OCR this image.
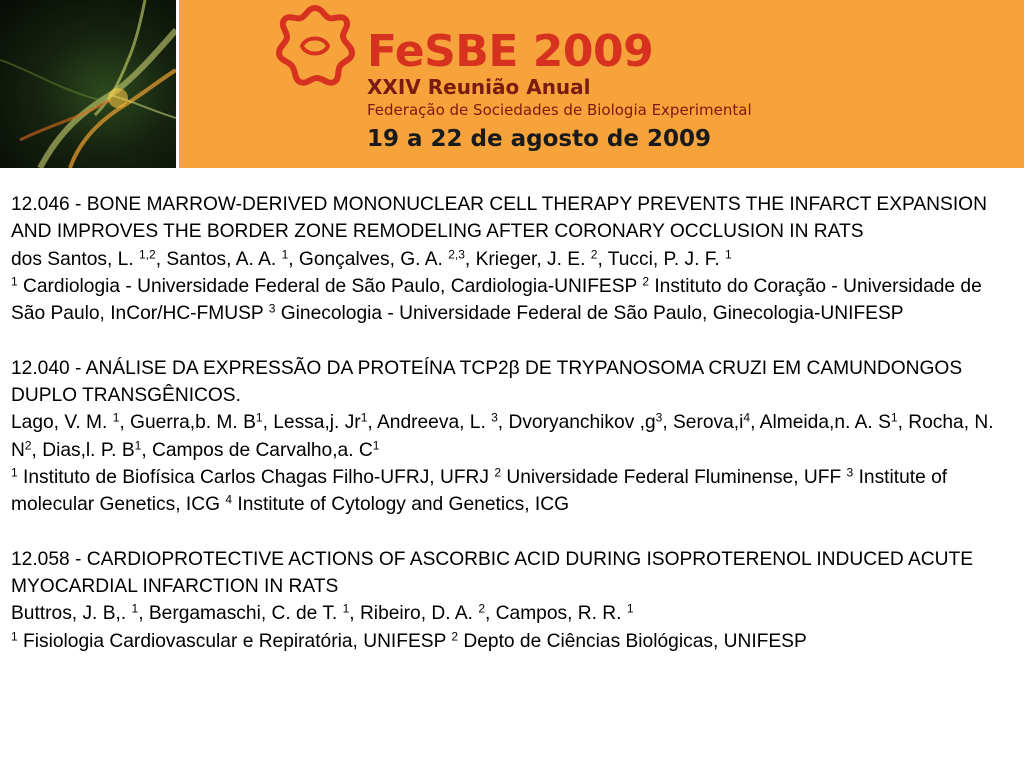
FeSBE 2009
XXIV Reunião Anual
Federação de Sociedades de Biologia Experimental
19 a 22 de agosto de 2009

12.046 - BONE MARROW-DERIVED MONONUCLEAR CELL THERAPY PREVENTS THE INFARCT EXPANSION AND IMPROVES THE BORDER ZONE REMODELING AFTER CORONARY OCCLUSION IN RATS

dos Santos, L. $^{1,2}$, Santos, A. A. $^1$, Gonçalves, G. A. $^{2,3}$, Krieger, J. E. $^2$, Tucci, P. J. F. $^1$

$^1$ Cardiologia - Universidade Federal de São Paulo, Cardiologia-UNIFESP $^2$ Instituto do Coração - Universidade de São Paulo, InCor/HC-FMUSP $^3$ Ginecologia - Universidade Federal de São Paulo, Ginecologia-UNIFESP

12.040 - ANÁLISE DA EXPRESSÃO DA PROTEÍNA TCP2β DE TRYPANOSOMA CRUZI EM CAMUNDONGOS DUPLO TRANSGÊNICOS.

Lago, V. M. $^1$, Guerra,b. M. $B^1$, Lessa,j. Jr$^1$, Andreeva, L. $^3$, Dvoryanchikov $,g^3$, $Serova,i^4$, Almeida,n. A. $S^1$, Rocha, N. $N^2$, Dias,l. P. $B^1$, Campos de Carvalho,a. $C^1$

$^1$ Instituto de Biofísica Carlos Chagas Filho-UFRJ, UFRJ $^2$ Universidade Federal Fluminense, UFF $^3$ Institute of molecular Genetics, ICG $^4$ Institute of Cytology and Genetics, ICG

12.058 - CARDIOPROTECTIVE ACTIONS OF ASCORBIC ACID DURING ISOPROTERENOL INDUCED ACUTE MYOCARDIAL INFARCTION IN RATS

Buttros, J. B,. $^1$, Bergamaschi, C. de T. $^1$, Ribeiro, D. A. $^2$, Campos, R. R. $^1$

$^1$ Fisiologia Cardiovascular e Repiratória, UNIFESP $^2$ Depto de Ciências Biológicas, UNIFESP
